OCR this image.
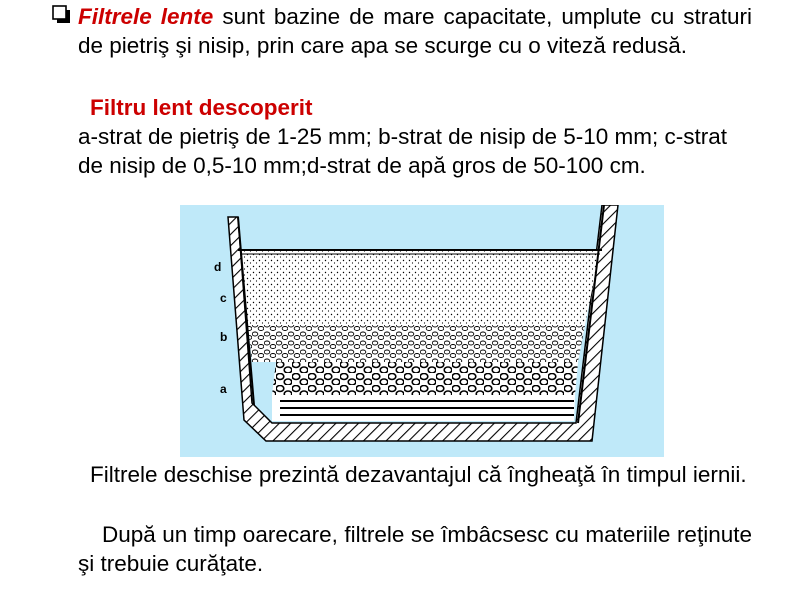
Filtrele lente sunt bazine de mare capacitate, umplute cu straturi de pietriş şi nisip, prin care apa se scurge cu o viteză redusă.
Filtru lent descoperit
a-strat de pietriş de 1-25 mm; b-strat de nisip de 5-10 mm; c-strat de nisip de 0,5-10 mm;d-strat de apă gros de 50-100 cm.
d
c
b
a
Filtrele deschise prezintă dezavantajul că îngheaţă în timpul iernii.
După un timp oarecare, filtrele se îmbâcsesc cu materiile reţinute şi trebuie curăţate.
